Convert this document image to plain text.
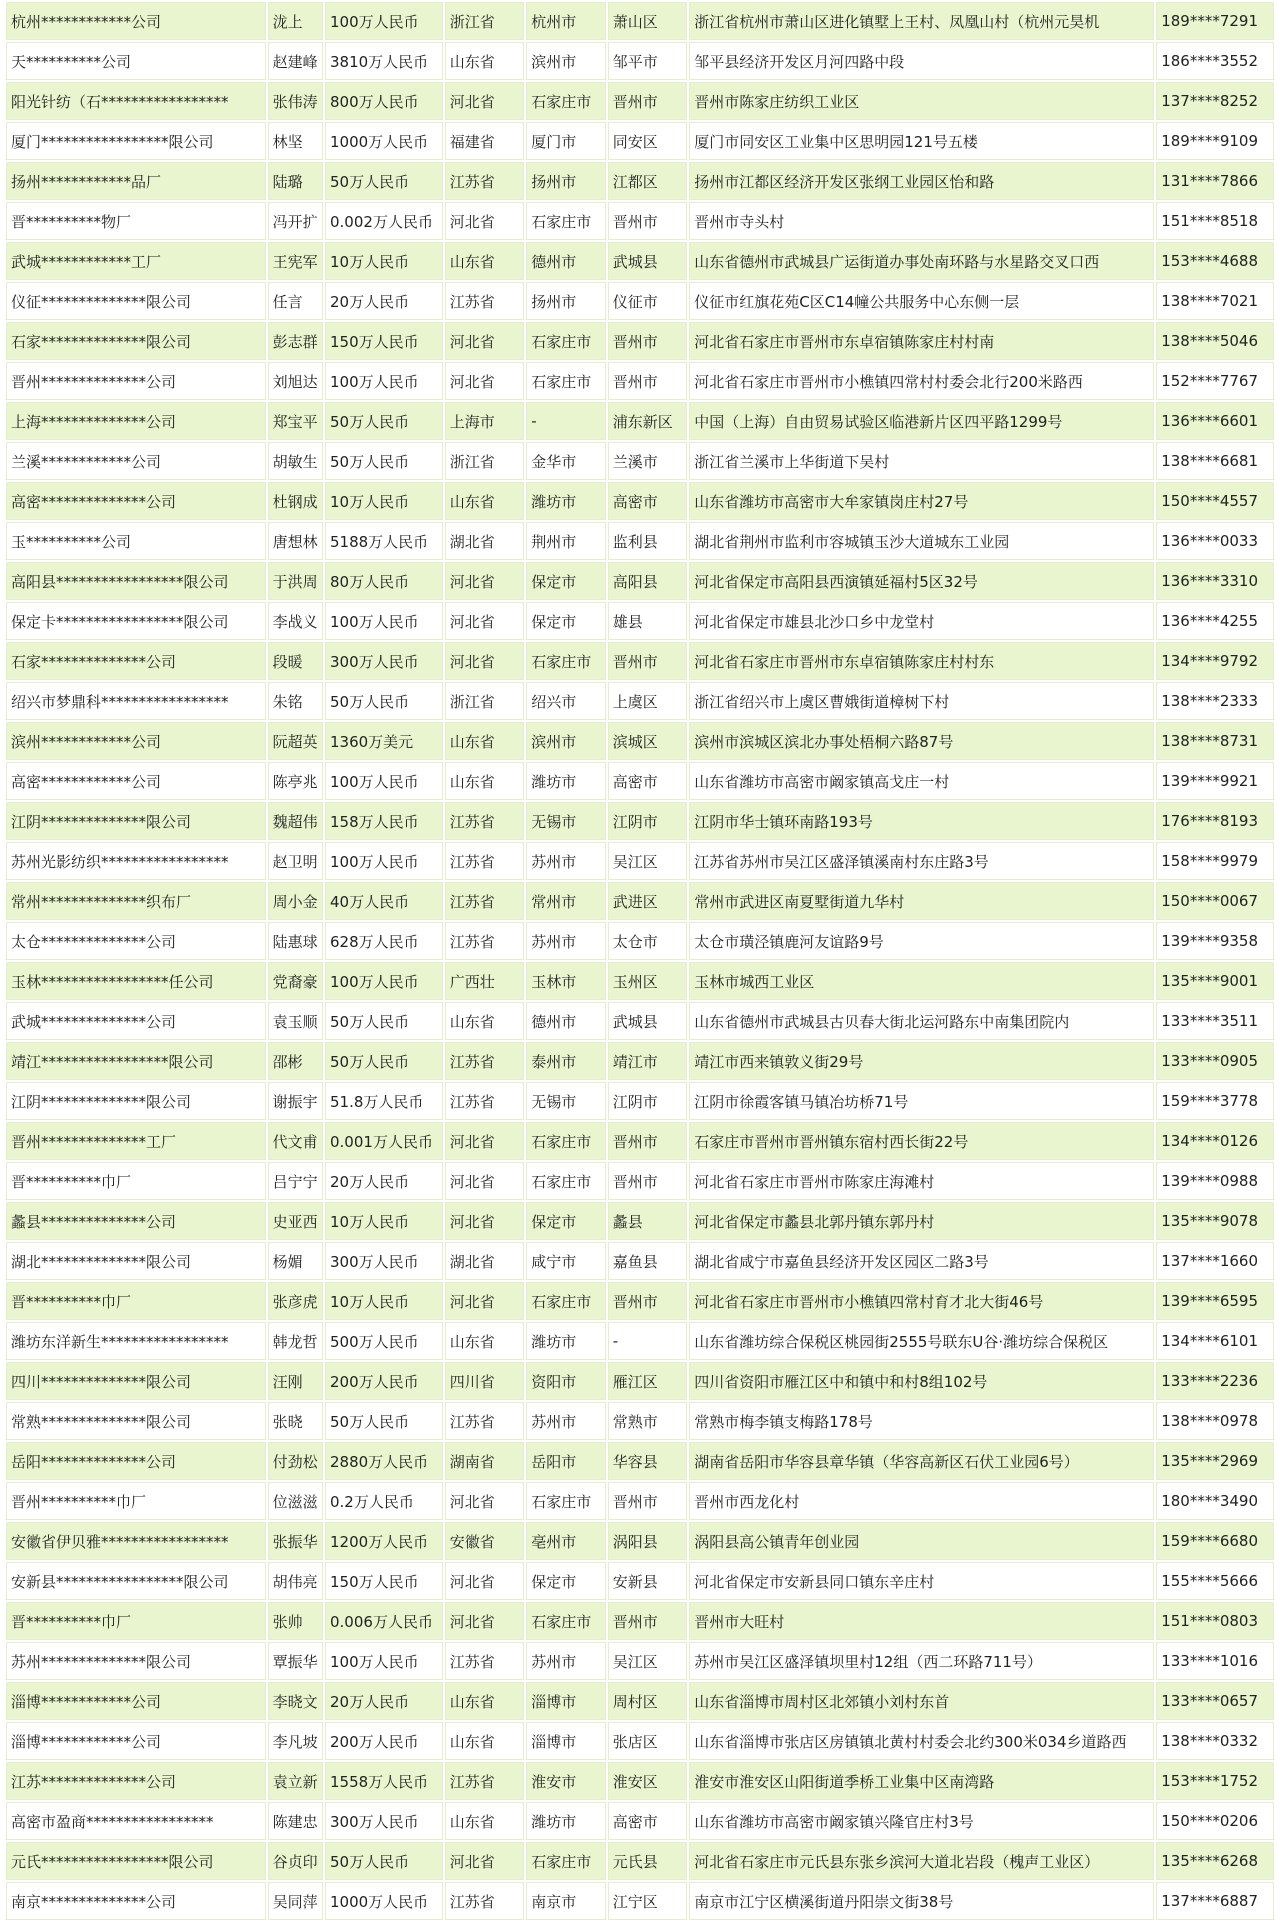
杭州************公司	泷上	100万人民币	浙江省	杭州市	萧山区	浙江省杭州市萧山区进化镇墅上王村、凤凰山村（杭州元昊机	189****7291
天**********公司	赵建峰	3810万人民币	山东省	滨州市	邹平市	邹平县经济开发区月河四路中段	186****3552
阳光针纺（石*****************	张伟涛	800万人民币	河北省	石家庄市	晋州市	晋州市陈家庄纺织工业区	137****8252
厦门*****************限公司	林坚	1000万人民币	福建省	厦门市	同安区	厦门市同安区工业集中区思明园121号五楼	189****9109
扬州************品厂	陆璐	50万人民币	江苏省	扬州市	江都区	扬州市江都区经济开发区张纲工业园区怡和路	131****7866
晋**********物厂	冯开扩	0.002万人民币	河北省	石家庄市	晋州市	晋州市寺头村	151****8518
武城************工厂	王宪军	10万人民币	山东省	德州市	武城县	山东省德州市武城县广运街道办事处南环路与水星路交叉口西	153****4688
仪征**************限公司	任言	20万人民币	江苏省	扬州市	仪征市	仪征市红旗花苑C区C14幢公共服务中心东侧一层	138****7021
石家**************限公司	彭志群	150万人民币	河北省	石家庄市	晋州市	河北省石家庄市晋州市东卓宿镇陈家庄村村南	138****5046
晋州**************公司	刘旭达	100万人民币	河北省	石家庄市	晋州市	河北省石家庄市晋州市小樵镇四常村村委会北行200米路西	152****7767
上海**************公司	郑宝平	50万人民币	上海市	-	浦东新区	中国（上海）自由贸易试验区临港新片区四平路1299号	136****6601
兰溪************公司	胡敏生	50万人民币	浙江省	金华市	兰溪市	浙江省兰溪市上华街道下吴村	138****6681
高密**************公司	杜钢成	10万人民币	山东省	潍坊市	高密市	山东省潍坊市高密市大牟家镇岗庄村27号	150****4557
玉**********公司	唐想林	5188万人民币	湖北省	荆州市	监利县	湖北省荆州市监利市容城镇玉沙大道城东工业园	136****0033
高阳县*****************限公司	于洪周	80万人民币	河北省	保定市	高阳县	河北省保定市高阳县西演镇延福村5区32号	136****3310
保定卡*****************限公司	李战义	100万人民币	河北省	保定市	雄县	河北省保定市雄县北沙口乡中龙堂村	136****4255
石家**************公司	段暖	300万人民币	河北省	石家庄市	晋州市	河北省石家庄市晋州市东卓宿镇陈家庄村村东	134****9792
绍兴市梦鼎科*****************	朱铭	50万人民币	浙江省	绍兴市	上虞区	浙江省绍兴市上虞区曹娥街道樟树下村	138****2333
滨州************公司	阮超英	1360万美元	山东省	滨州市	滨城区	滨州市滨城区滨北办事处梧桐六路87号	138****8731
高密************公司	陈亭兆	100万人民币	山东省	潍坊市	高密市	山东省潍坊市高密市阚家镇高戈庄一村	139****9921
江阴**************限公司	魏超伟	158万人民币	江苏省	无锡市	江阴市	江阴市华士镇环南路193号	176****8193
苏州光影纺织*****************	赵卫明	100万人民币	江苏省	苏州市	吴江区	江苏省苏州市吴江区盛泽镇溪南村东庄路3号	158****9979
常州**************织布厂	周小金	40万人民币	江苏省	常州市	武进区	常州市武进区南夏墅街道九华村	150****0067
太仓**************公司	陆惠球	628万人民币	江苏省	苏州市	太仓市	太仓市璜泾镇鹿河友谊路9号	139****9358
玉林*****************任公司	党裔豪	100万人民币	广西壮	玉林市	玉州区	玉林市城西工业区	135****9001
武城**************公司	袁玉顺	50万人民币	山东省	德州市	武城县	山东省德州市武城县古贝春大街北运河路东中南集团院内	133****3511
靖江*****************限公司	邵彬	50万人民币	江苏省	泰州市	靖江市	靖江市西来镇敦义街29号	133****0905
江阴**************限公司	谢振宇	51.8万人民币	江苏省	无锡市	江阴市	江阴市徐霞客镇马镇冶坊桥71号	159****3778
晋州**************工厂	代文甫	0.001万人民币	河北省	石家庄市	晋州市	石家庄市晋州市晋州镇东宿村西长街22号	134****0126
晋**********巾厂	吕宁宁	20万人民币	河北省	石家庄市	晋州市	河北省石家庄市晋州市陈家庄海滩村	139****0988
蠡县**************公司	史亚西	10万人民币	河北省	保定市	蠡县	河北省保定市蠡县北郭丹镇东郭丹村	135****9078
湖北**************限公司	杨媚	300万人民币	湖北省	咸宁市	嘉鱼县	湖北省咸宁市嘉鱼县经济开发区园区二路3号	137****1660
晋**********巾厂	张彦虎	10万人民币	河北省	石家庄市	晋州市	河北省石家庄市晋州市小樵镇四常村育才北大街46号	139****6595
潍坊东洋新生*****************	韩龙哲	500万人民币	山东省	潍坊市	-	山东省潍坊综合保税区桃园街2555号联东U谷·潍坊综合保税区	134****6101
四川**************限公司	汪刚	200万人民币	四川省	资阳市	雁江区	四川省资阳市雁江区中和镇中和村8组102号	133****2236
常熟**************限公司	张晓	50万人民币	江苏省	苏州市	常熟市	常熟市梅李镇支梅路178号	138****0978
岳阳**************公司	付劲松	2880万人民币	湖南省	岳阳市	华容县	湖南省岳阳市华容县章华镇（华容高新区石伏工业园6号）	135****2969
晋州**********巾厂	位滋滋	0.2万人民币	河北省	石家庄市	晋州市	晋州市西龙化村	180****3490
安徽省伊贝雅*****************	张振华	1200万人民币	安徽省	亳州市	涡阳县	涡阳县高公镇青年创业园	159****6680
安新县*****************限公司	胡伟亮	150万人民币	河北省	保定市	安新县	河北省保定市安新县同口镇东辛庄村	155****5666
晋**********巾厂	张帅	0.006万人民币	河北省	石家庄市	晋州市	晋州市大旺村	151****0803
苏州**************限公司	覃振华	100万人民币	江苏省	苏州市	吴江区	苏州市吴江区盛泽镇坝里村12组（西二环路711号）	133****1016
淄博************公司	李晓文	20万人民币	山东省	淄博市	周村区	山东省淄博市周村区北郊镇小刘村东首	133****0657
淄博************公司	李凡坡	200万人民币	山东省	淄博市	张店区	山东省淄博市张店区房镇镇北黄村村委会北约300米034乡道路西	138****0332
江苏**************公司	袁立新	1558万人民币	江苏省	淮安市	淮安区	淮安市淮安区山阳街道季桥工业集中区南湾路	153****1752
高密市盈商*****************	陈建忠	300万人民币	山东省	潍坊市	高密市	山东省潍坊市高密市阚家镇兴隆官庄村3号	150****0206
元氏*****************限公司	谷贞印	50万人民币	河北省	石家庄市	元氏县	河北省石家庄市元氏县东张乡滨河大道北岩段（槐声工业区）	135****6268
南京**************公司	吴同萍	1000万人民币	江苏省	南京市	江宁区	南京市江宁区横溪街道丹阳崇文街38号	137****6887
